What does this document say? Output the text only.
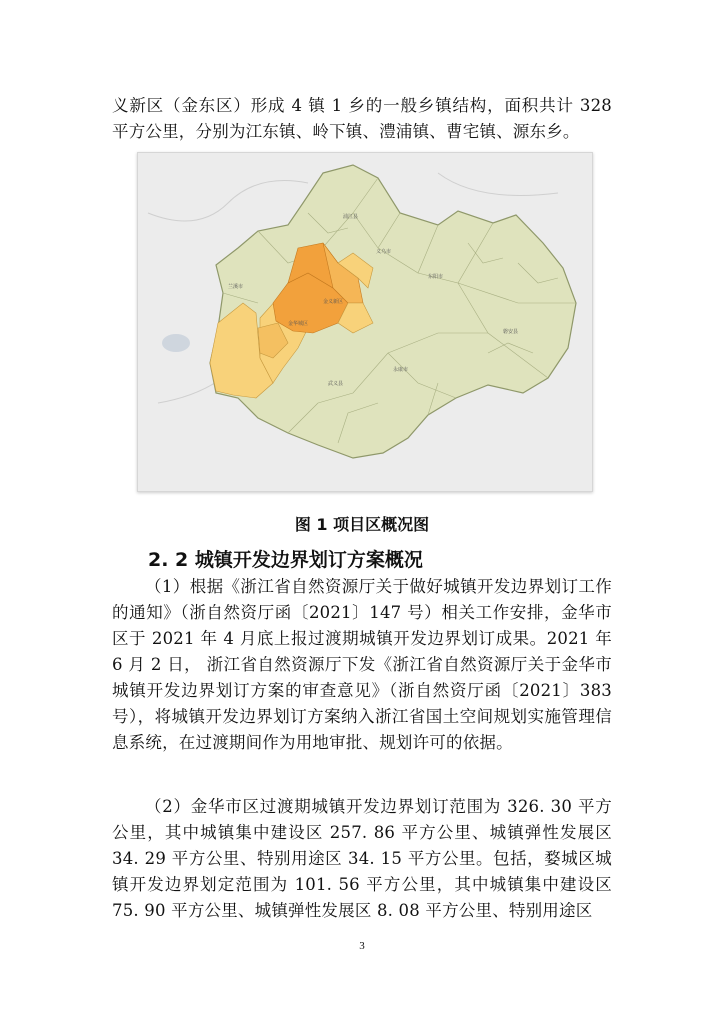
义新区（金东区）形成 4 镇 1 乡的一般乡镇结构，面积共计 328 平方公里，分别为江东镇、岭下镇、澧浦镇、曹宅镇、源东乡。
浦江县
义乌市
东阳市
兰溪市
金华城区
金义新区
磐安县
永康市
武义县
图 1 项目区概况图
2. 2 城镇开发边界划订方案概况
（1）根据《浙江省自然资源厅关于做好城镇开发边界划订工作的通知》（浙自然资厅函〔2021〕147 号）相关工作安排，金华市区于 2021 年 4 月底上报过渡期城镇开发边界划订成果。2021 年 6 月 2 日， 浙江省自然资源厅下发《浙江省自然资源厅关于金华市城镇开发边界划订方案的审查意见》（浙自然资厅函〔2021〕383 号），将城镇开发边界划订方案纳入浙江省国土空间规划实施管理信息系统，在过渡期间作为用地审批、规划许可的依据。
（2）金华市区过渡期城镇开发边界划订范围为 326. 30 平方公里，其中城镇集中建设区 257. 86 平方公里、城镇弹性发展区 34. 29 平方公里、特别用途区 34. 15 平方公里。包括，婺城区城镇开发边界划定范围为 101. 56 平方公里，其中城镇集中建设区 75. 90 平方公里、城镇弹性发展区 8. 08 平方公里、特别用途区
3
